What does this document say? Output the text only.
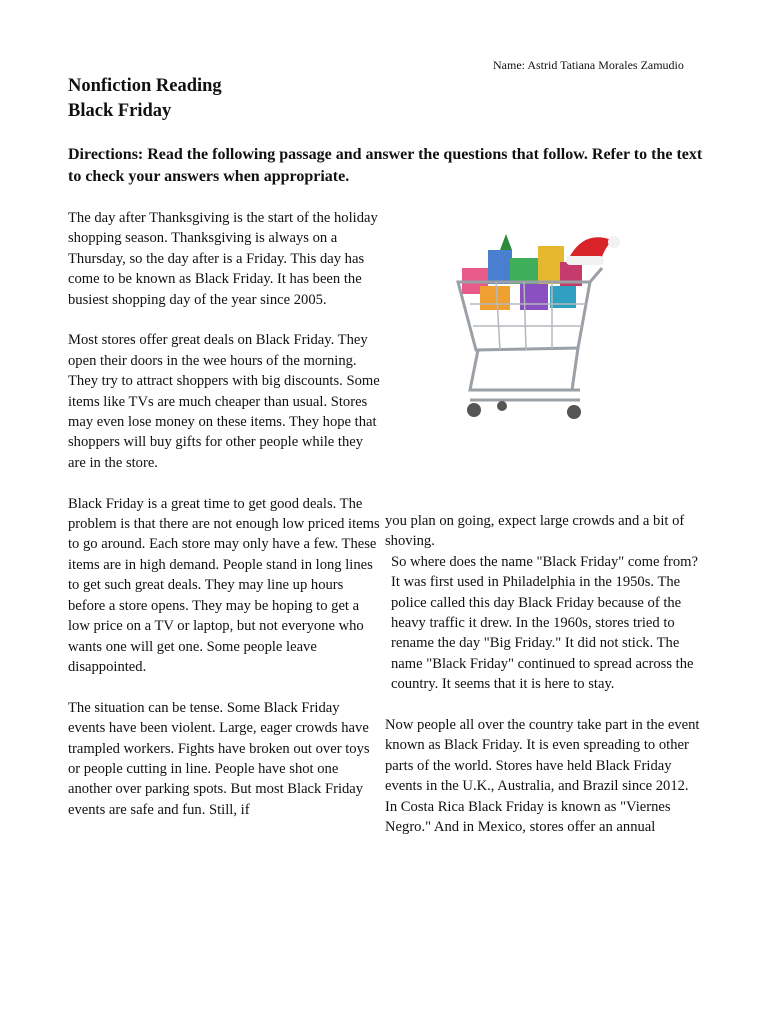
Name: Astrid Tatiana Morales Zamudio
Nonfiction Reading
Black Friday
Directions: Read the following passage and answer the questions that follow. Refer to the text to check your answers when appropriate.

The day after Thanksgiving is the start of the holiday shopping season. Thanksgiving is always on a Thursday, so the day after is a Friday. This day has come to be known as Black Friday. It has been the busiest shopping day of the year since 2005.

Most stores offer great deals on Black Friday. They open their doors in the wee hours of the morning. They try to attract shoppers with big discounts. Some items like TVs are much cheaper than usual. Stores may even lose money on these items. They hope that shoppers will buy gifts for other people while they are in the store.

Black Friday is a great time to get good deals. The problem is that there are not enough low priced items to go around. Each store may only have a few. These items are in high demand. People stand in long lines to get such great deals. They may line up hours before a store opens. They may be hoping to get a low price on a TV or laptop, but not everyone who wants one will get one. Some people leave disappointed.

The situation can be tense. Some Black Friday events have been violent. Large, eager crowds have trampled workers. Fights have broken out over toys or people cutting in line. People have shot one another over parking spots. But most Black Friday events are safe and fun. Still, if

you plan on going, expect large crowds and a bit of shoving.

So where does the name "Black Friday" come from? It was first used in Philadelphia in the 1950s. The police called this day Black Friday because of the heavy traffic it drew. In the 1960s, stores tried to rename the day "Big Friday." It did not stick. The name "Black Friday" continued to spread across the country. It seems that it is here to stay.

Now people all over the country take part in the event known as Black Friday. It is even spreading to other parts of the world. Stores have held Black Friday events in the U.K., Australia, and Brazil since 2012. In Costa Rica Black Friday is known as "Viernes Negro." And in Mexico, stores offer an annual
